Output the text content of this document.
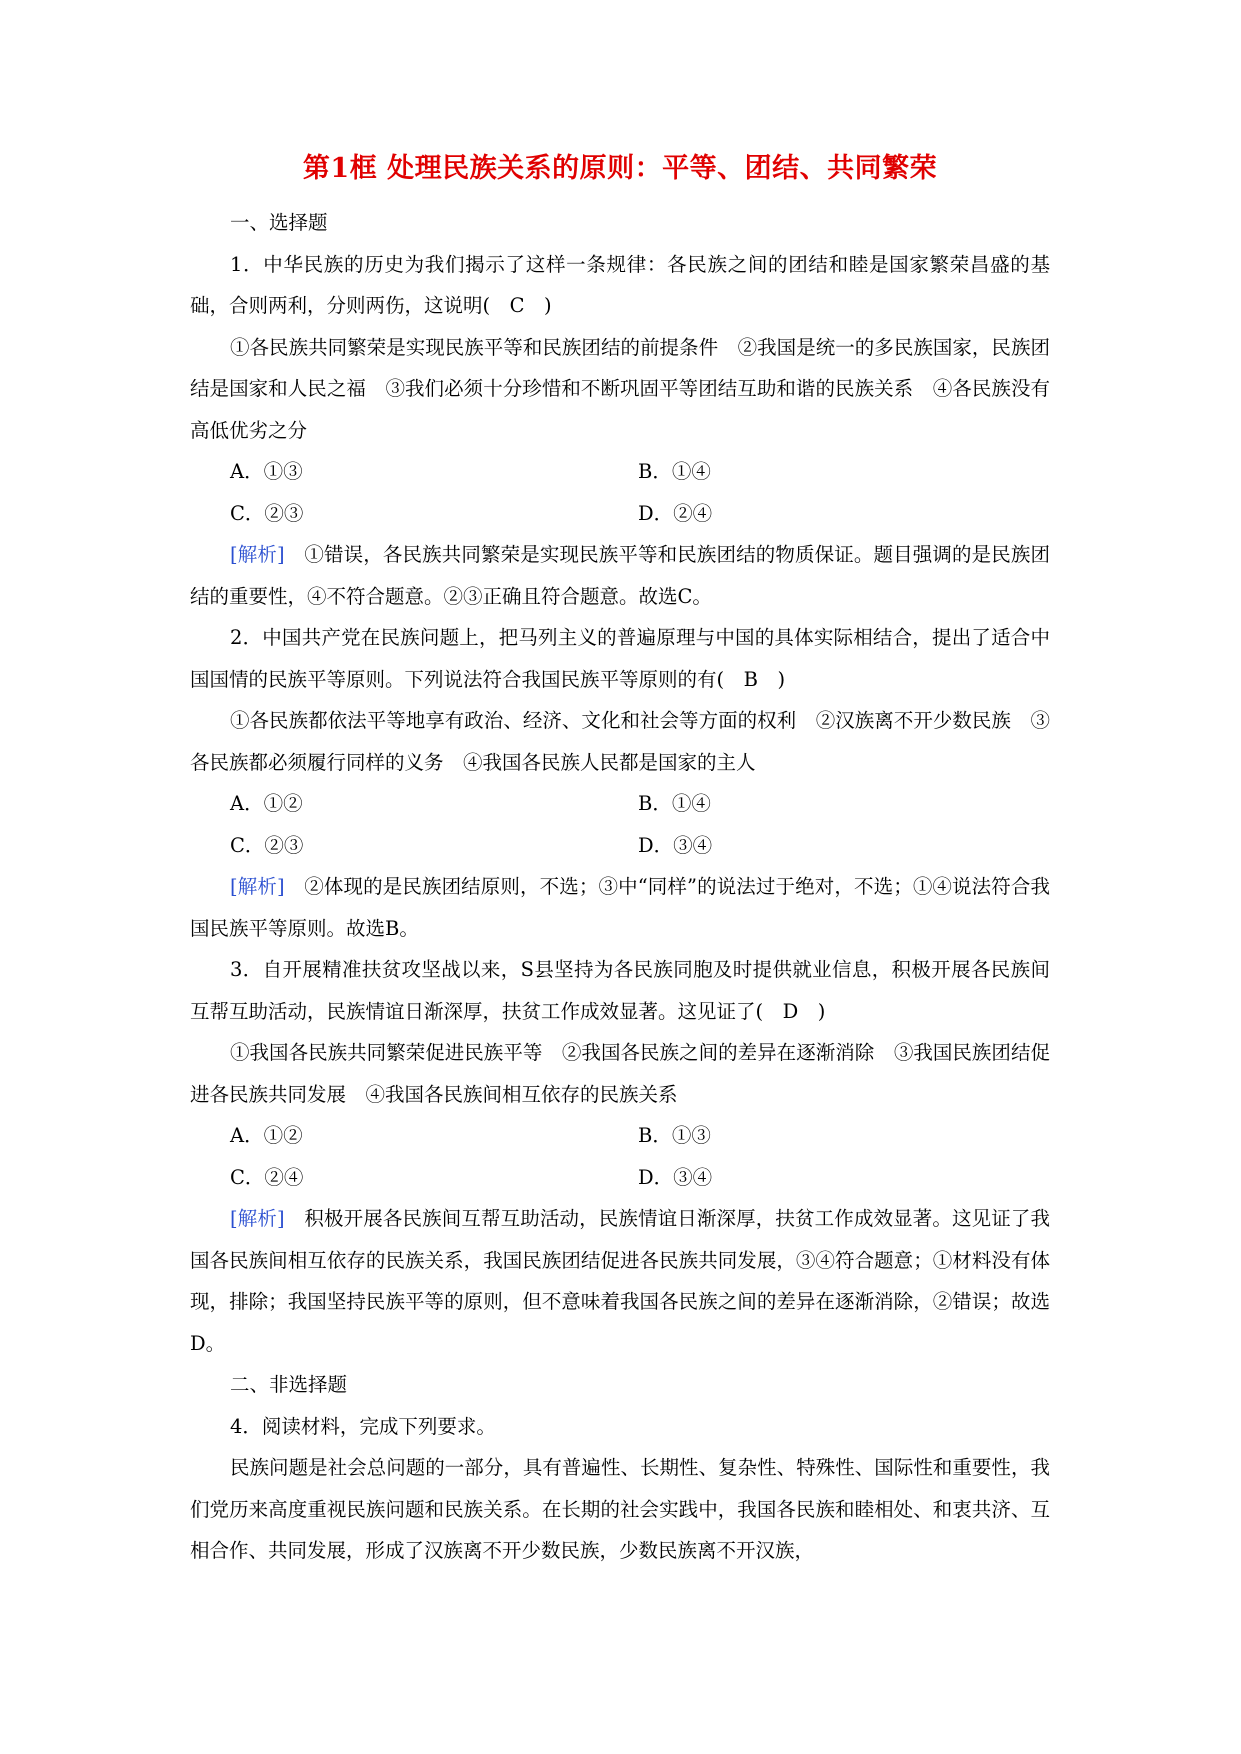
第1框 处理民族关系的原则：平等、团结、共同繁荣
一、选择题

1．中华民族的历史为我们揭示了这样一条规律：各民族之间的团结和睦是国家繁荣昌盛的基础，合则两利，分则两伤，这说明(　C　)

①各民族共同繁荣是实现民族平等和民族团结的前提条件　②我国是统一的多民族国家，民族团结是国家和人民之福　③我们必须十分珍惜和不断巩固平等团结互助和谐的民族关系　④各民族没有高低优劣之分

A．①③	B．①④
C．②③	D．②④

[解析]　①错误，各民族共同繁荣是实现民族平等和民族团结的物质保证。题目强调的是民族团结的重要性，④不符合题意。②③正确且符合题意。故选C。

2．中国共产党在民族问题上，把马列主义的普遍原理与中国的具体实际相结合，提出了适合中国国情的民族平等原则。下列说法符合我国民族平等原则的有(　B　)

①各民族都依法平等地享有政治、经济、文化和社会等方面的权利　②汉族离不开少数民族　③各民族都必须履行同样的义务　④我国各民族人民都是国家的主人

A．①②	B．①④
C．②③	D．③④

[解析]　②体现的是民族团结原则，不选；③中“同样”的说法过于绝对，不选；①④说法符合我国民族平等原则。故选B。

3．自开展精准扶贫攻坚战以来，S县坚持为各民族同胞及时提供就业信息，积极开展各民族间互帮互助活动，民族情谊日渐深厚，扶贫工作成效显著。这见证了(　D　)

①我国各民族共同繁荣促进民族平等　②我国各民族之间的差异在逐渐消除　③我国民族团结促进各民族共同发展　④我国各民族间相互依存的民族关系

A．①②	B．①③
C．②④	D．③④

[解析]　积极开展各民族间互帮互助活动，民族情谊日渐深厚，扶贫工作成效显著。这见证了我国各民族间相互依存的民族关系，我国民族团结促进各民族共同发展，③④符合题意；①材料没有体现，排除；我国坚持民族平等的原则，但不意味着我国各民族之间的差异在逐渐消除，②错误；故选D。

二、非选择题

4．阅读材料，完成下列要求。

民族问题是社会总问题的一部分，具有普遍性、长期性、复杂性、特殊性、国际性和重要性，我们党历来高度重视民族问题和民族关系。在长期的社会实践中，我国各民族和睦相处、和衷共济、互相合作、共同发展，形成了汉族离不开少数民族，少数民族离不开汉族，
